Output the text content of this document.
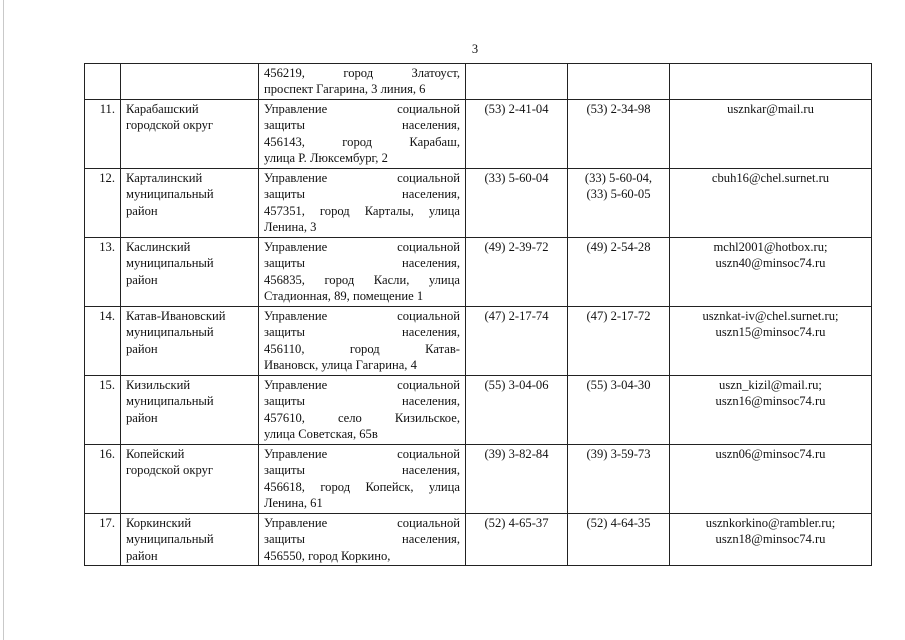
3

		456219, город Златоуст,
проспект Гагарина, 3 линия, 6			

11.	Карабашский
городской округ	Управление социальной
защиты населения,
456143, город Карабаш,
улица Р. Люксембург, 2	(53) 2-41-04	(53) 2-34-98	usznkar@mail.ru

12.	Карталинский
муниципальный
район	Управление социальной
защиты населения,
457351, город Карталы, улица
Ленина, 3	(33) 5-60-04	(33) 5-60-04,
(33) 5-60-05	cbuh16@chel.surnet.ru

13.	Каслинский
муниципальный
район	Управление социальной
защиты населения,
456835, город Касли, улица
Стадионная, 89, помещение 1	(49) 2-39-72	(49) 2-54-28	mchl2001@hotbox.ru;
uszn40@minsoc74.ru

14.	Катав-Ивановский
муниципальный
район	Управление социальной
защиты населения,
456110, город Катав-
Ивановск, улица Гагарина, 4	(47) 2-17-74	(47) 2-17-72	usznkat-iv@chel.surnet.ru;
uszn15@minsoc74.ru

15.	Кизильский
муниципальный
район	Управление социальной
защиты населения,
457610, село Кизильское,
улица Советская, 65в	(55) 3-04-06	(55) 3-04-30	uszn_kizil@mail.ru;
uszn16@minsoc74.ru

16.	Копейский
городской округ	Управление социальной
защиты населения,
456618, город Копейск, улица
Ленина, 61	(39) 3-82-84	(39) 3-59-73	uszn06@minsoc74.ru

17.	Коркинский
муниципальный
район	Управление социальной
защиты населения,
456550, город Коркино,	(52) 4-65-37	(52) 4-64-35	usznkorkino@rambler.ru;
uszn18@minsoc74.ru
